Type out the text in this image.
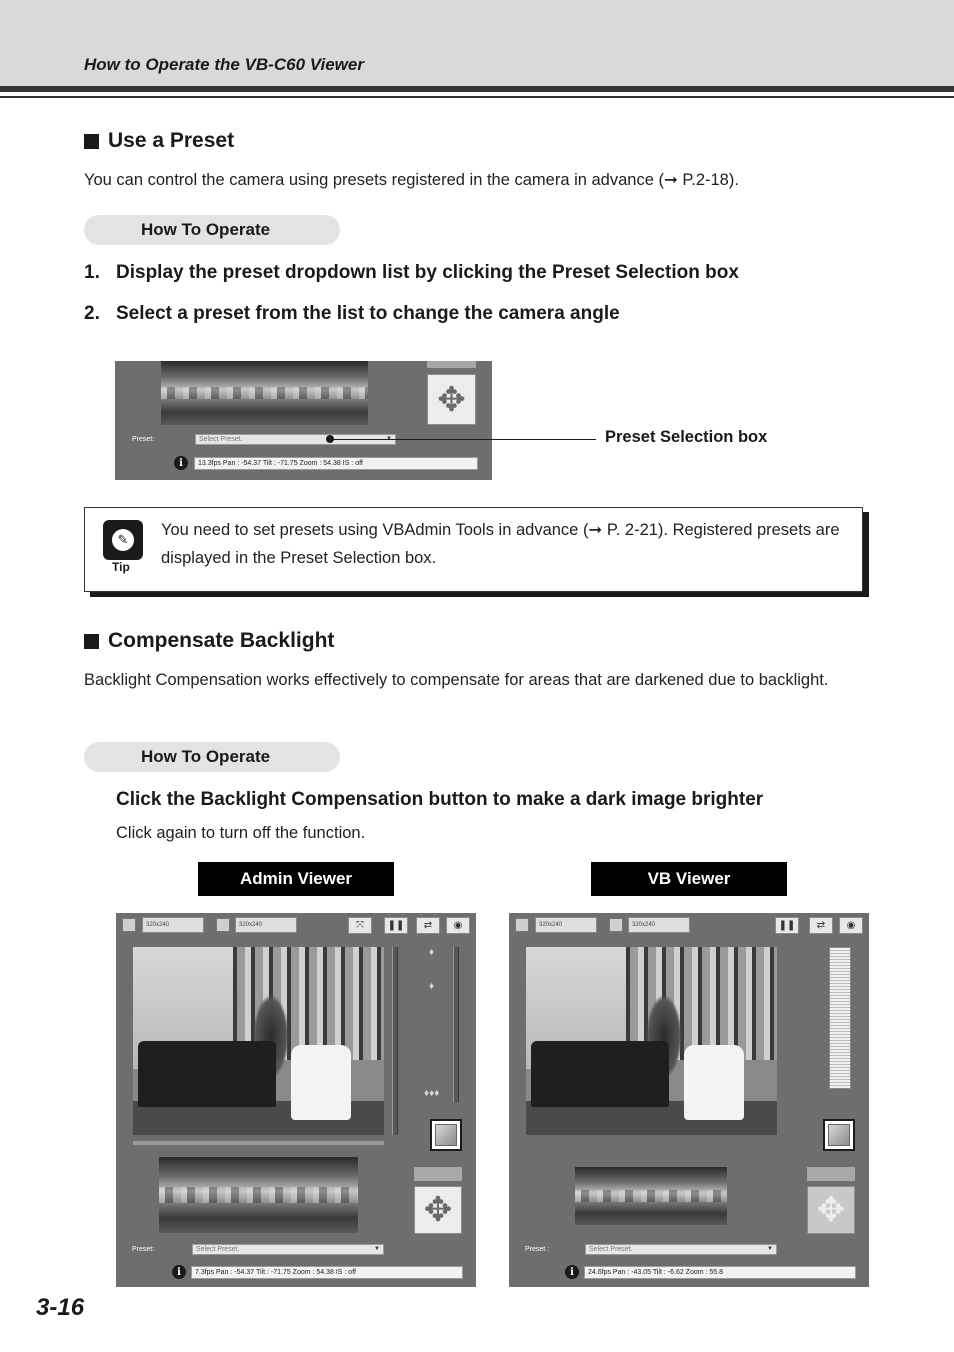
How to Operate the VB-C60 Viewer
Use a Preset
You can control the camera using presets registered in the camera in advance (➞ P.2-18).
How To Operate
1. Display the preset dropdown list by clicking the Preset Selection box
2. Select a preset from the list to change the camera angle
✥
Preset:	Select Preset.
i	13.3fps Pan : -54.37 Tilt : -71.75 Zoom : 54.38 IS : off
Preset Selection box
✎
Tip
You need to set presets using VBAdmin Tools in advance (➞ P. 2-21). Registered presets are displayed in the Preset Selection box.
Compensate Backlight
Backlight Compensation works effectively to compensate for areas that are darkened due to backlight.
How To Operate
Click the Backlight Compensation button to make a dark image brighter
Click again to turn off the function.
Admin Viewer	VB Viewer
320x240	320x240	⤧	❚❚	⇄	◉
♦
♦
♦♦♦
✥
Preset:	Select Preset.	▼
i	7.3fps Pan : -54.37 Tilt : -71.75 Zoom : 54.38 IS : off
320x240	320x240	❚❚	⇄	◉
✥
Preset :	Select Preset.	▼
i	24.6fps Pan : -43.05 Tilt : -6.62 Zoom : 55.8
3-16
